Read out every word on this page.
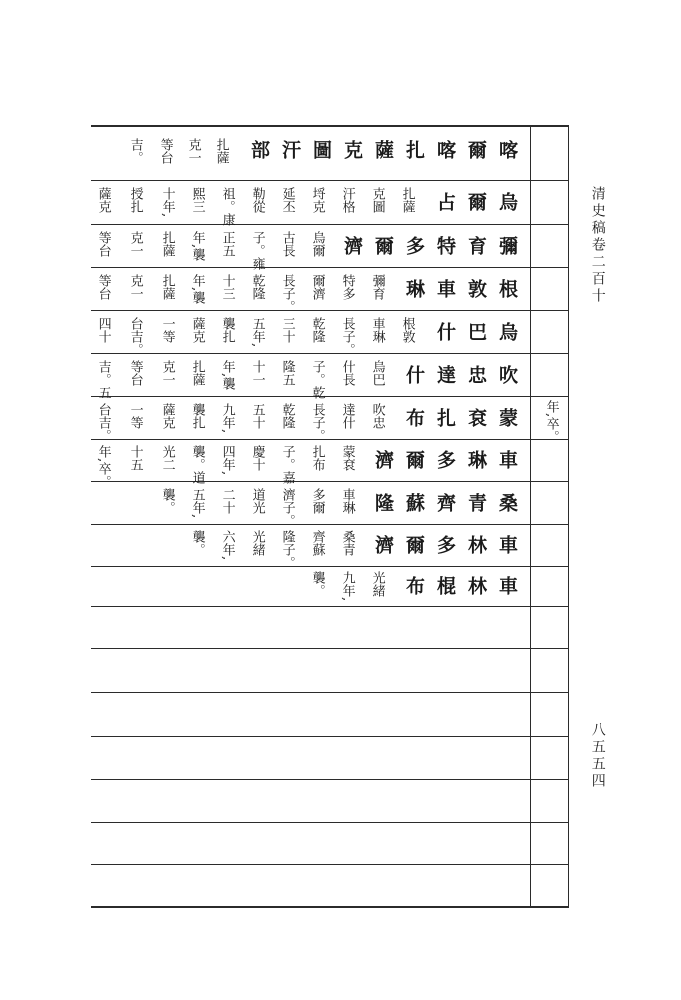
清史稿卷二百十
八五五四
喀
爾
喀
扎
薩
克
圖
汗
部
扎薩
克一
等台
吉。
烏
爾
占
扎薩
克圖
汗格
埒克
延丕
勒從
祖。康
熙三
十年,
授扎
薩克
彌
育
特
多
爾
濟
烏爾
古長
子。雍
正五
年,襲
扎薩
克一
等台
根
敦
車
琳
彌育
特多
爾濟
長子。
乾隆
十三
年,襲
扎薩
克一
等台
烏
巴
什
根敦
車琳
長子。
乾隆
三十
五年,
襲扎
薩克
一等
台吉。
四十
吹
忠
達
什
烏巴
什長
子。乾
隆五
十一
年,襲
扎薩
克一
等台
吉。五
蒙
袞
扎
布
吹忠
達什
長子。
乾隆
五十
九年,
襲扎
薩克
一等
台吉。	年,卒。
車
琳
多
爾
濟
蒙袞
扎布
子。嘉
慶十
四年,
襲。道
光二
十五
年,卒。
桑
青
齊
蘇
隆
車琳
多爾
濟子。
道光
二十
五年,
襲。
車
林
多
爾
濟
桑青
齊蘇
隆子。
光緒
六年,
襲。
車
林
棍
布
光緒
九年,
襲。
